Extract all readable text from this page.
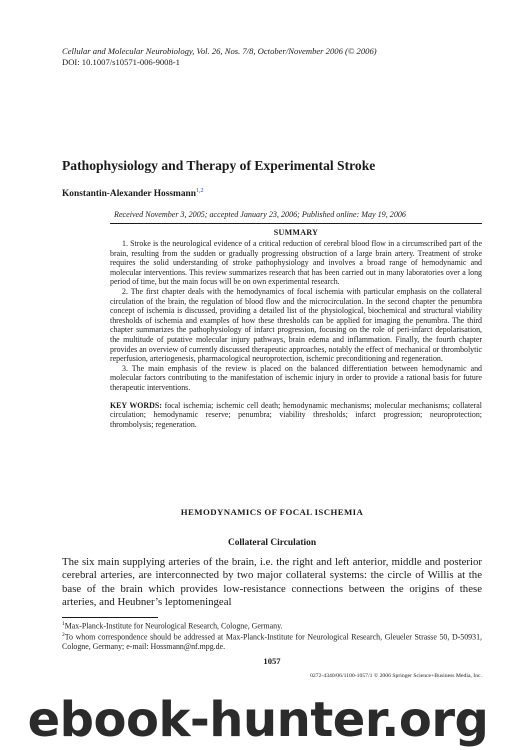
Cellular and Molecular Neurobiology, Vol. 26, Nos. 7/8, October/November 2006 (© 2006)
DOI: 10.1007/s10571-006-9008-1
Pathophysiology and Therapy of Experimental Stroke
Konstantin-Alexander Hossmann$^{1,2}$
Received November 3, 2005; accepted January 23, 2006; Published online: May 19, 2006
SUMMARY

1. Stroke is the neurological evidence of a critical reduction of cerebral blood flow in a circumscribed part of the brain, resulting from the sudden or gradually progressing obstruction of a large brain artery. Treatment of stroke requires the solid understanding of stroke pathophysiology and involves a broad range of hemodynamic and molecular interventions. This review summarizes research that has been carried out in many laboratories over a long period of time, but the main focus will be on own experimental research.

2. The first chapter deals with the hemodynamics of focal ischemia with particular emphasis on the collateral circulation of the brain, the regulation of blood flow and the microcirculation. In the second chapter the penumbra concept of ischemia is discussed, providing a detailed list of the physiological, biochemical and structural viability thresholds of ischemia and examples of how these thresholds can be applied for imaging the penumbra. The third chapter summarizes the pathophysiology of infarct progression, focusing on the role of peri-infarct depolarisation, the multitude of putative molecular injury pathways, brain edema and inflammation. Finally, the fourth chapter provides an overview of currently discussed therapeutic approaches, notably the effect of mechanical or thrombolytic reperfusion, arteriogenesis, pharmacological neuroprotection, ischemic preconditioning and regeneration.

3. The main emphasis of the review is placed on the balanced differentiation between hemodynamic and molecular factors contributing to the manifestation of ischemic injury in order to provide a rational basis for future therapeutic interventions.

KEY WORDS: focal ischemia; ischemic cell death; hemodynamic mechanisms; molecular mechanisms; collateral circulation; hemodynamic reserve; penumbra; viability thresholds; infarct progression; neuroprotection; thrombolysis; regeneration.
HEMODYNAMICS OF FOCAL ISCHEMIA
Collateral Circulation

The six main supplying arteries of the brain, i.e. the right and left anterior, middle and posterior cerebral arteries, are interconnected by two major collateral systems: the circle of Willis at the base of the brain which provides low-resistance connections between the origins of these arteries, and Heubner’s leptomeningeal

$^1$Max-Planck-Institute for Neurological Research, Cologne, Germany.

$^2$To whom correspondence should be addressed at Max-Planck-Institute for Neurological Research, Gleueler Strasse 50, D-50931, Cologne, Germany; e-mail: Hossmann@nf.mpg.de.

1057
0272-4340/06/1100-1057/1 © 2006 Springer Science+Business Media, Inc.
ebook-hunter.org
